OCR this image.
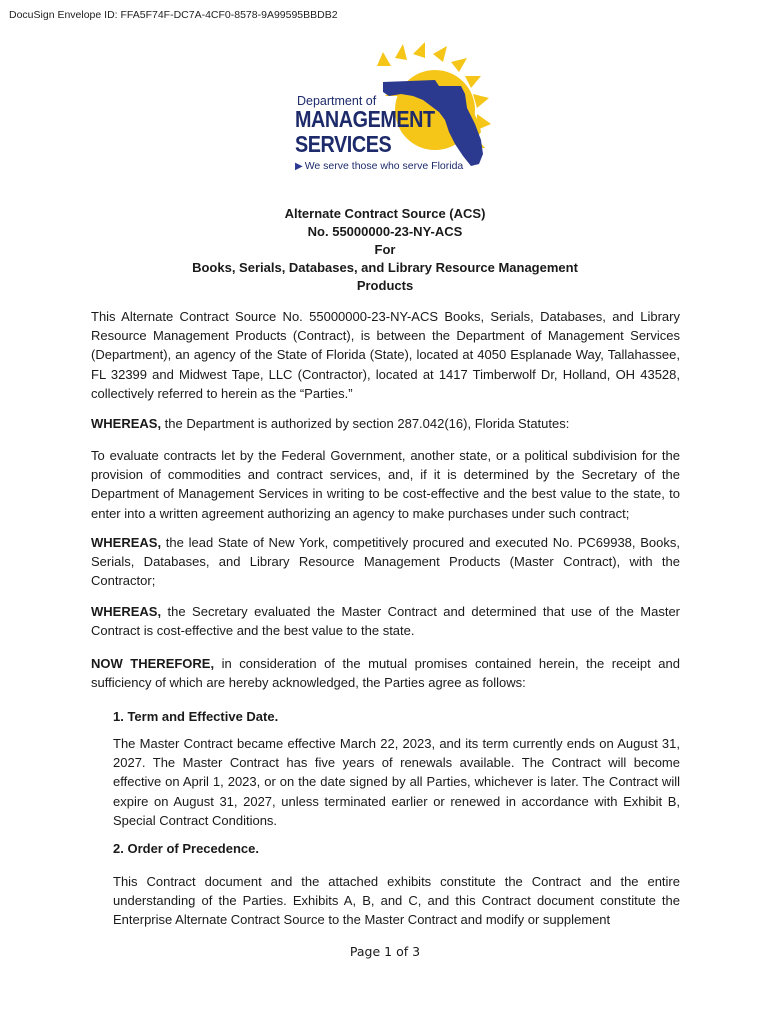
DocuSign Envelope ID: FFA5F74F-DC7A-4CF0-8578-9A99595BBDB2
Department of
MANAGEMENT
SERVICES
▶ We serve those who serve Florida
Alternate Contract Source (ACS)
No. 55000000-23-NY-ACS
For
Books, Serials, Databases, and Library Resource Management
Products

This Alternate Contract Source No. 55000000-23-NY-ACS Books, Serials, Databases, and Library Resource Management Products (Contract), is between the Department of Management Services (Department), an agency of the State of Florida (State), located at 4050 Esplanade Way, Tallahassee, FL 32399 and Midwest Tape, LLC (Contractor), located at 1417 Timberwolf Dr, Holland, OH 43528, collectively referred to herein as the “Parties.”

WHEREAS, the Department is authorized by section 287.042(16), Florida Statutes:

To evaluate contracts let by the Federal Government, another state, or a political subdivision for the provision of commodities and contract services, and, if it is determined by the Secretary of the Department of Management Services in writing to be cost-effective and the best value to the state, to enter into a written agreement authorizing an agency to make purchases under such contract;

WHEREAS, the lead State of New York, competitively procured and executed No. PC69938, Books, Serials, Databases, and Library Resource Management Products (Master Contract), with the Contractor;

WHEREAS, the Secretary evaluated the Master Contract and determined that use of the Master Contract is cost-effective and the best value to the state.

NOW THEREFORE, in consideration of the mutual promises contained herein, the receipt and sufficiency of which are hereby acknowledged, the Parties agree as follows:

1. Term and Effective Date.
The Master Contract became effective March 22, 2023, and its term currently ends on August 31, 2027. The Master Contract has five years of renewals available. The Contract will become effective on April 1, 2023, or on the date signed by all Parties, whichever is later. The Contract will expire on August 31, 2027, unless terminated earlier or renewed in accordance with Exhibit B, Special Contract Conditions.
2. Order of Precedence.
This Contract document and the attached exhibits constitute the Contract and the entire understanding of the Parties. Exhibits A, B, and C, and this Contract document constitute the Enterprise Alternate Contract Source to the Master Contract and modify or supplement
Page 1 of 3
